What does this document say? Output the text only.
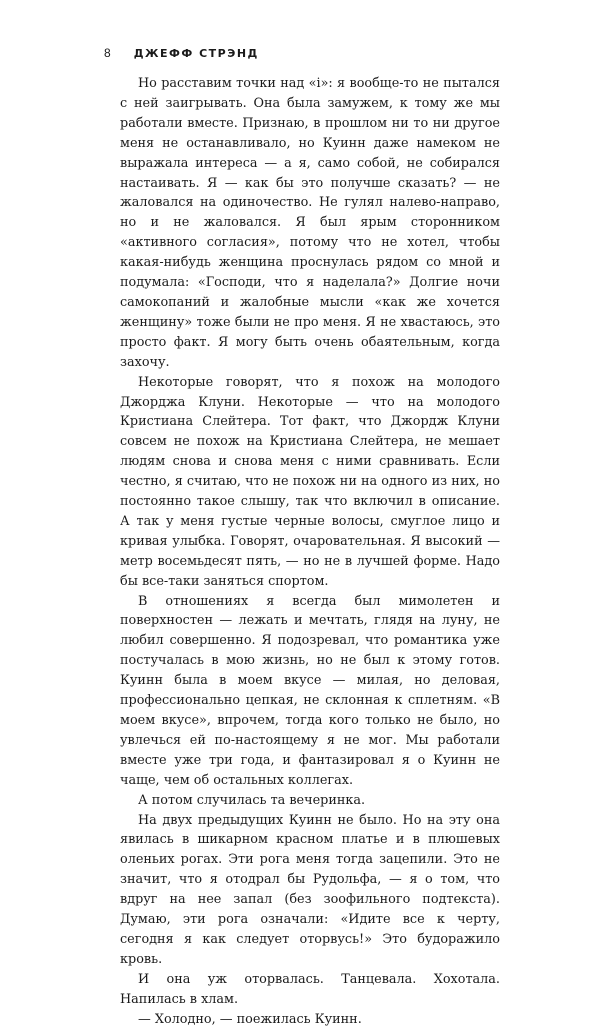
8 ДЖЕФФ СТРЭНД

Но расставим точки над «i»: я вообще-то не пытался с ней заигрывать. Она была замужем, к тому же мы работали вместе. Признаю, в прошлом ни то ни другое меня не останавливало, но Куинн даже намеком не выражала интереса — а я, само собой, не собирался настаивать. Я — как бы это получше сказать? — не жаловался на одиночество. Не гулял налево-направо, но и не жаловался. Я был ярым сторонником «активного согласия», потому что не хотел, чтобы какая-нибудь женщина проснулась рядом со мной и подумала: «Господи, что я наделала?» Долгие ночи самокопаний и жалобные мысли «как же хочется женщину» тоже были не про меня. Я не хвастаюсь, это просто факт. Я могу быть очень обаятельным, когда захочу.

Некоторые говорят, что я похож на молодого Джорджа Клуни. Некоторые — что на молодого Кристиана Слейтера. Тот факт, что Джордж Клуни совсем не похож на Кристиана Слейтера, не мешает людям снова и снова меня с ними сравнивать. Если честно, я считаю, что не похож ни на одного из них, но постоянно такое слышу, так что включил в описание. А так у меня густые черные волосы, смуглое лицо и кривая улыбка. Говорят, очаровательная. Я высокий — метр восемьдесят пять, — но не в лучшей форме. Надо бы все-таки заняться спортом.

В отношениях я всегда был мимолетен и поверхностен — лежать и мечтать, глядя на луну, не любил совершенно. Я подозревал, что романтика уже постучалась в мою жизнь, но не был к этому готов. Куинн была в моем вкусе — милая, но деловая, профессионально цепкая, не склонная к сплетням. «В моем вкусе», впрочем, тогда кого только не было, но увлечься ей по-настоящему я не мог. Мы работали вместе уже три года, и фантазировал я о Куинн не чаще, чем об остальных коллегах.

А потом случилась та вечеринка.

На двух предыдущих Куинн не было. Но на эту она явилась в шикарном красном платье и в плюшевых оленьих рогах. Эти рога меня тогда зацепили. Это не значит, что я отодрал бы Рудольфа, — я о том, что вдруг на нее запал (без зоофильного подтекста). Думаю, эти рога означали: «Идите все к черту, сегодня я как следует оторвусь!» Это будоражило кровь.

И она уж оторвалась. Танцевала. Хохотала. Напилась в хлам.

— Холодно, — поежилась Куинн.
